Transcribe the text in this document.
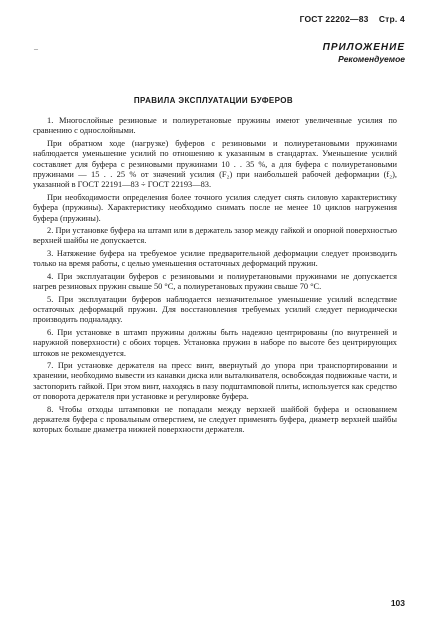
ГОСТ 22202—83 Стр. 4
–	ПРИЛОЖЕНИЕ
Рекомендуемое
ПРАВИЛА ЭКСПЛУАТАЦИИ БУФЕРОВ

1. Многослойные резиновые и полиуретановые пружины имеют увеличенные усилия по сравнению с однослойными.

При обратном ходе (нагрузке) буферов с резиновыми и полиуретановыми пружинами наблюдается уменьшение усилий по отношению к указанным в стандартах. Уменьшение усилий составляет для буфера с резиновыми пружинами 10 . . 35 %, а для буфера с полиуретановыми пружинами — 15 . . 25 % от значений усилия (F₂) при наибольшей рабочей деформации (f₂), указанной в ГОСТ 22191—83 ÷ ГОСТ 22193—83.

При необходимости определения более точного усилия следует снять силовую характеристику буфера (пружины). Характеристику необходимо снимать после не менее 10 циклов нагружения буфера (пружины).

2. При установке буфера на штамп или в держатель зазор между гайкой и опорной поверхностью верхней шайбы не допускается.

3. Натяжение буфера на требуемое усилие предварительной деформации следует производить только на время работы, с целью уменьшения остаточных деформаций пружин.

4. При эксплуатации буферов с резиновыми и полиуретановыми пружинами не допускается нагрев резиновых пружин свыше 50 °С, а полиуретановых пружин свыше 70 °С.

5. При эксплуатации буферов наблюдается незначительное уменьшение усилий вследствие остаточных деформаций пружин. Для восстановления требуемых усилий следует периодически производить подналадку.

6. При установке в штамп пружины должны быть надежно центрированы (по внутренней и наружной поверхности) с обоих торцев. Установка пружин в наборе по высоте без центрирующих штоков не рекомендуется.

7. При установке держателя на пресс винт, ввернутый до упора при транспортировании и хранении, необходимо вывести из канавки диска или выталкивателя, освобождая подвижные части, и застопорить гайкой. При этом винт, находясь в пазу подштамповой плиты, используется как средство от поворота держателя при установке и регулировке буфера.

8. Чтобы отходы штамповки не попадали между верхней шайбой буфера и основанием держателя буфера с провальным отверстием, не следует применять буфера, диаметр верхней шайбы которых больше диаметра нижней поверхности держателя.

103
